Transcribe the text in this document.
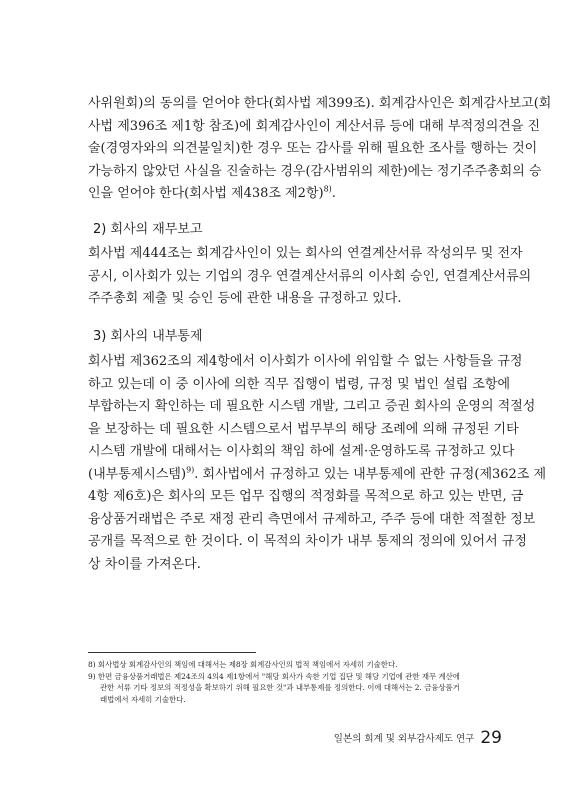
사위원회)의 동의를 얻어야 한다(회사법 제399조). 회계감사인은 회계감사보고(회
사법 제396조 제1항 참조)에 회계감사인이 계산서류 등에 대해 부적정의견을 진
술(경영자와의 의견불일치)한 경우 또는 감사를 위해 필요한 조사를 행하는 것이
가능하지 않았던 사실을 진술하는 경우(감사범위의 제한)에는 정기주주총회의 승
인을 얻어야 한다(회사법 제438조 제2항)$^{8)}$.
2) 회사의 재무보고
회사법 제444조는 회계감사인이 있는 회사의 연결계산서류 작성의무 및 전자
공시, 이사회가 있는 기업의 경우 연결계산서류의 이사회 승인, 연결계산서류의
주주총회 제출 및 승인 등에 관한 내용을 규정하고 있다.
3) 회사의 내부통제
회사법 제362조의 제4항에서 이사회가 이사에 위임할 수 없는 사항들을 규정
하고 있는데 이 중 이사에 의한 직무 집행이 법령, 규정 및 법인 설립 조항에
부합하는지 확인하는 데 필요한 시스템 개발, 그리고 증권 회사의 운영의 적절성
을 보장하는 데 필요한 시스템으로서 법무부의 해당 조례에 의해 규정된 기타
시스템 개발에 대해서는 이사회의 책임 하에 설계·운영하도록 규정하고 있다
(내부통제시스템)$^{9)}$. 회사법에서 규정하고 있는 내부통제에 관한 규정(제362조 제
4항 제6호)은 회사의 모든 업무 집행의 적정화를 목적으로 하고 있는 반면, 금
융상품거래법은 주로 재정 관리 측면에서 규제하고, 주주 등에 대한 적절한 정보
공개를 목적으로 한 것이다. 이 목적의 차이가 내부 통제의 정의에 있어서 규정
상 차이를 가져온다.
8) 회사법상 회계감사인의 책임에 대해서는 제8장 회계감사인의 법적 책임에서 자세히 기술한다.
9) 한편 금융상품거래법은 제24조의 4의4 제1항에서 "해당 회사가 속한 기업 집단 및 해당 기업에 관한 재무 계산에
관한 서류 기타 정보의 적정성을 확보하기 위해 필요한 것"과 내부통제를 정의한다. 이에 대해서는 2. 금융상품거
래법에서 자세히 기술한다.
일본의 회계 및 외부감사제도 연구 29
